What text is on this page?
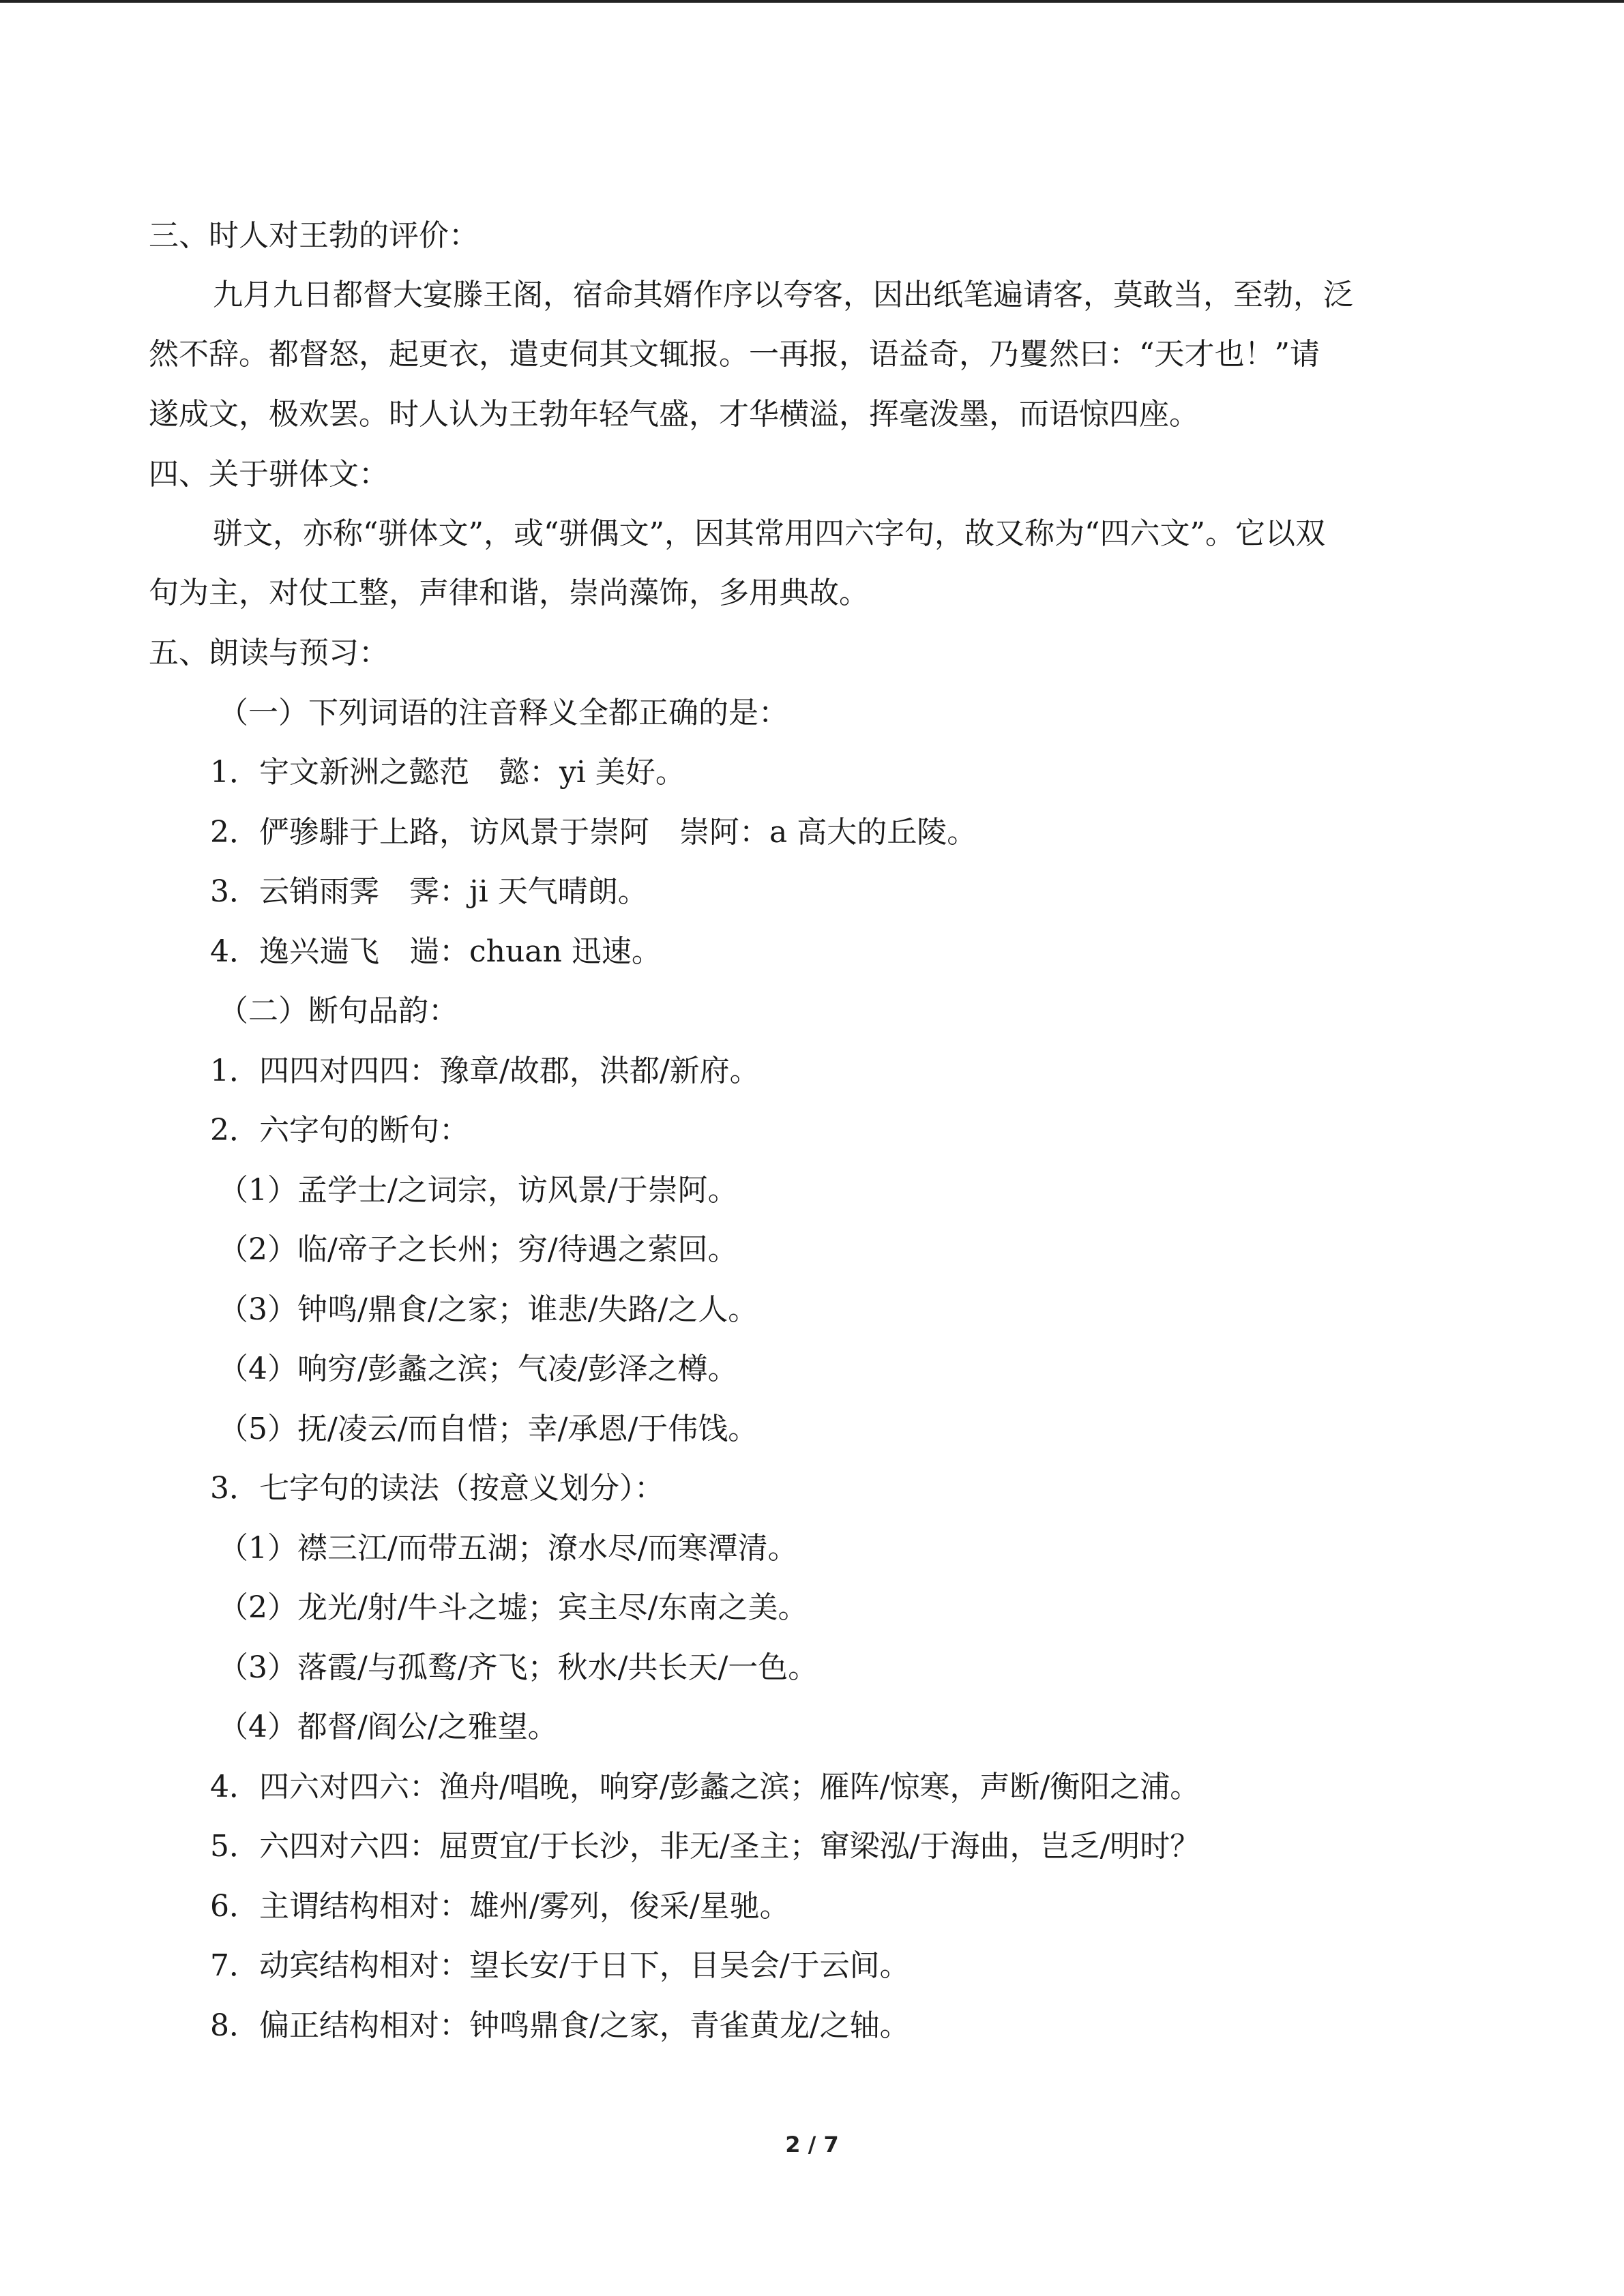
三、时人对王勃的评价：

九月九日都督大宴滕王阁，宿命其婿作序以夸客，因出纸笔遍请客，莫敢当，至勃，泛

然不辞。都督怒，起更衣，遣吏伺其文辄报。一再报，语益奇，乃矍然曰：“天才也！”请

遂成文，极欢罢。时人认为王勃年轻气盛，才华横溢，挥毫泼墨，而语惊四座。

四、关于骈体文：

骈文，亦称“骈体文”，或“骈偶文”，因其常用四六字句，故又称为“四六文”。它以双

句为主，对仗工整，声律和谐，崇尚藻饰，多用典故。

五、朗读与预习：

（一）下列词语的注音释义全都正确的是：

1．宇文新洲之懿范　懿：yi 美好。

2．俨骖騑于上路，访风景于崇阿　崇阿：a 高大的丘陵。

3．云销雨霁　霁：ji 天气晴朗。

4．逸兴遄飞　遄：chuan 迅速。

（二）断句品韵：

1．四四对四四：豫章/故郡，洪都/新府。

2．六字句的断句：

（1）孟学士/之词宗，访风景/于崇阿。

（2）临/帝子之长州；穷/待遇之萦回。

（3）钟鸣/鼎食/之家；谁悲/失路/之人。

（4）响穷/彭蠡之滨；气凌/彭泽之樽。

（5）抚/凌云/而自惜；幸/承恩/于伟饯。

3．七字句的读法（按意义划分）：

（1）襟三江/而带五湖；潦水尽/而寒潭清。

（2）龙光/射/牛斗之墟；宾主尽/东南之美。

（3）落霞/与孤鹜/齐飞；秋水/共长天/一色。

（4）都督/阎公/之雅望。

4．四六对四六：渔舟/唱晚，响穿/彭蠡之滨；雁阵/惊寒，声断/衡阳之浦。

5．六四对六四：屈贾宜/于长沙，非无/圣主；窜梁泓/于海曲，岂乏/明时？

6．主谓结构相对：雄州/雾列，俊采/星驰。

7．动宾结构相对：望长安/于日下，目吴会/于云间。

8．偏正结构相对：钟鸣鼎食/之家，青雀黄龙/之轴。

2 / 7
